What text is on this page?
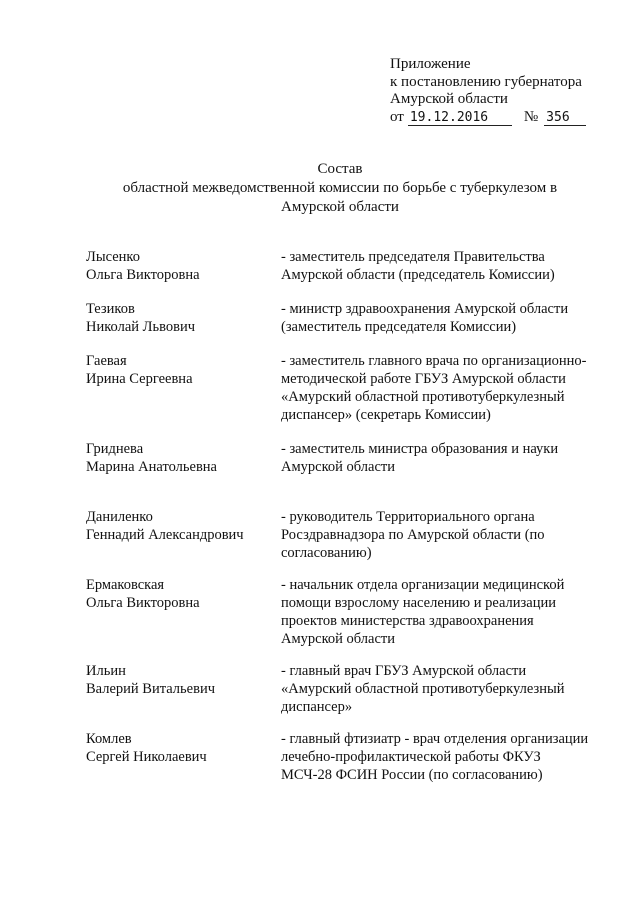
Приложение
к постановлению губернатора
Амурской области
от 19.12.2016	№ 356
Состав
областной межведомственной комиссии по борьбе с туберкулезом в
Амурской области
Лысенко
Ольга Викторовна
- заместитель председателя Правительства
Амурской области (председатель Комиссии)
Тезиков
Николай Львович
- министр здравоохранения Амурской области
(заместитель председателя Комиссии)
Гаевая
Ирина Сергеевна
- заместитель главного врача по организационно-
методической работе ГБУЗ Амурской области
«Амурский областной противотуберкулезный
диспансер» (секретарь Комиссии)
Гриднева
Марина Анатольевна
- заместитель министра образования и науки
Амурской области
Даниленко
Геннадий Александрович
- руководитель Территориального органа
Росздравнадзора по Амурской области (по
согласованию)
Ермаковская
Ольга Викторовна
- начальник отдела организации медицинской
помощи взрослому населению и реализации
проектов министерства здравоохранения
Амурской области
Ильин
Валерий Витальевич
- главный врач ГБУЗ Амурской области
«Амурский областной противотуберкулезный
диспансер»
Комлев
Сергей Николаевич
- главный фтизиатр - врач отделения организации
лечебно-профилактической работы ФКУЗ
МСЧ-28 ФСИН России (по согласованию)
